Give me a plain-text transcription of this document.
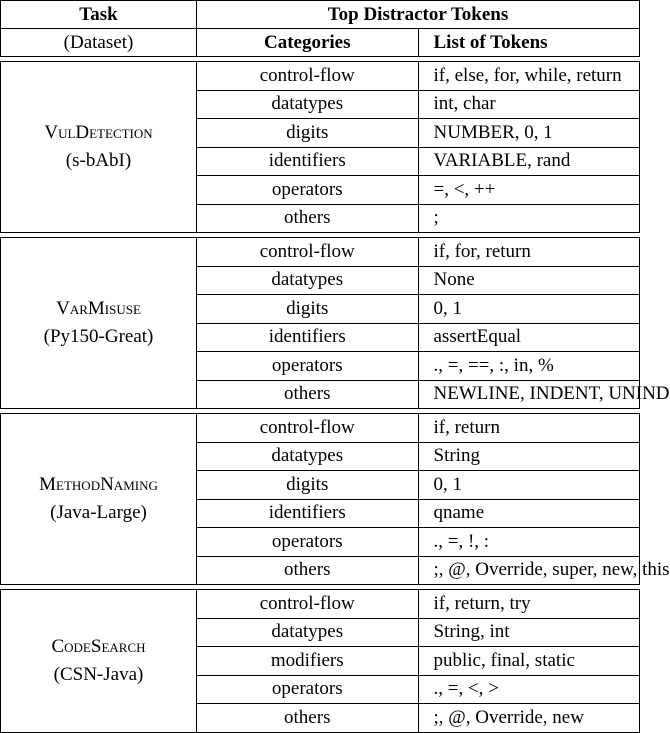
Task	Top Distractor Tokens	
(Dataset)	Categories	List of Tokens

VulDetection
(s-bAbI)	control-flow	if, else, for, while, return
	datatypes	int, char
	digits	NUMBER, 0, 1
	identifiers	VARIABLE, rand
	operators	=, <, ++
	others	;

VarMisuse
(Py150-Great)	control-flow	if, for, return
	datatypes	None
	digits	0, 1
	identifiers	assertEqual
	operators	., =, ==, :, in, %
	others	NEWLINE, INDENT, UNIND

MethodNaming
(Java-Large)	control-flow	if, return
	datatypes	String
	digits	0, 1
	identifiers	qname
	operators	., =, !, :
	others	;, @, Override, super, new, this

CodeSearch
(CSN-Java)	control-flow	if, return, try
	datatypes	String, int
	modifiers	public, final, static
	operators	., =, <, >
	others	;, @, Override, new
